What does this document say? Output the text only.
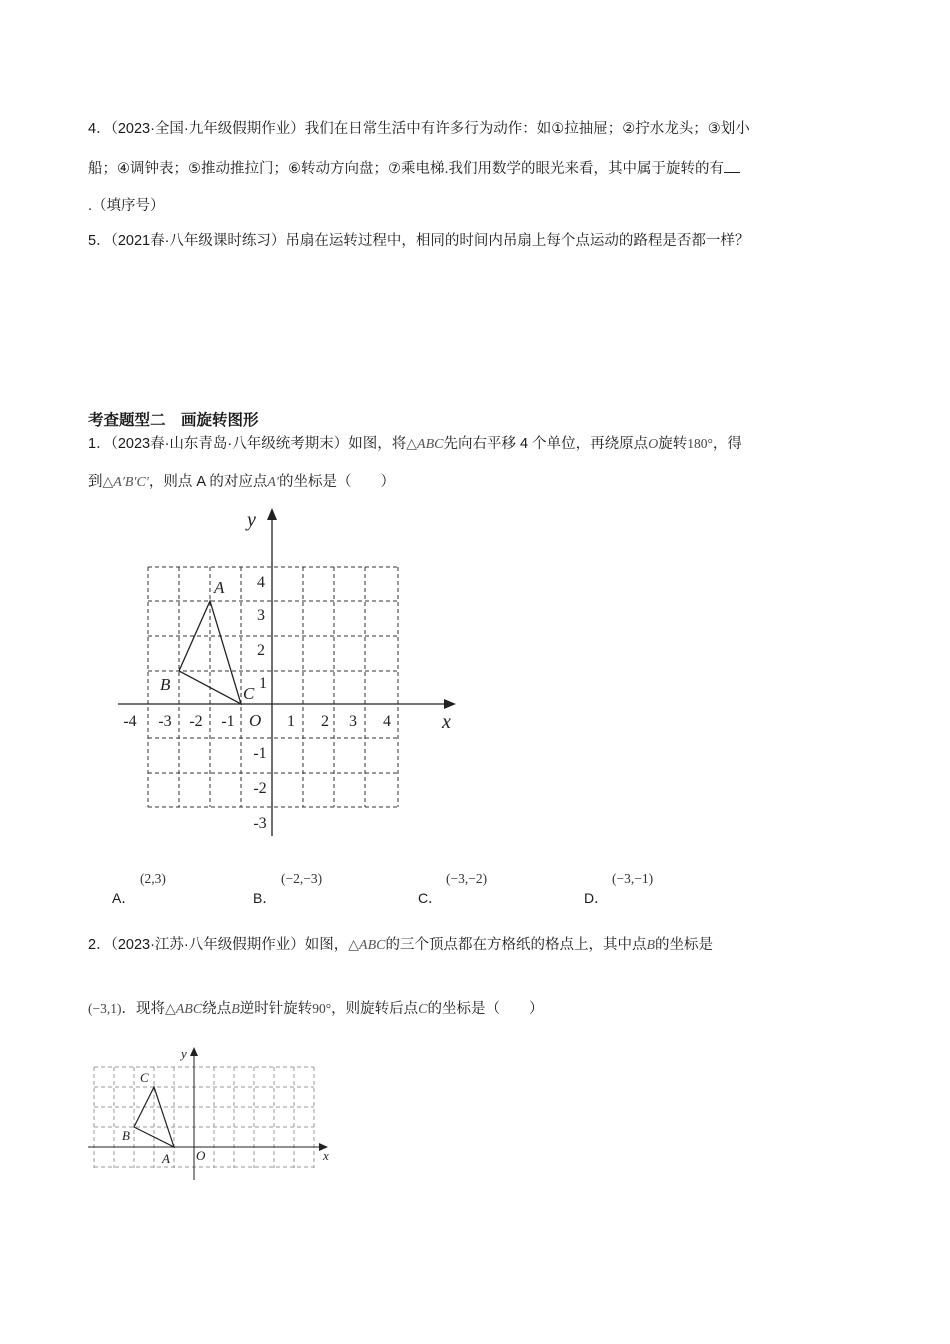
4．（2023·全国·九年级假期作业）我们在日常生活中有许多行为动作：如①拉抽屉；②拧水龙头；③划小
船；④调钟表；⑤推动推拉门；⑥转动方向盘；⑦乘电梯.我们用数学的眼光来看，其中属于旋转的有
.（填序号）
5．（2021春·八年级课时练习）吊扇在运转过程中，相同的时间内吊扇上每个点运动的路程是否都一样？
考查题型二　画旋转图形
1．（2023春·山东青岛·八年级统考期末）如图，将△ABC先向右平移 4 个单位，再绕原点O旋转180°，得
到△A′B′C′，则点 A 的对应点A′的坐标是（　　）
A
B	C
O	x
y
-4 -3 -2 -1	1 2 3 4
4
3
2
1
-1
-2
-3
A．
(2,3)
B．
(−2,−3)
C．
(−3,−2)
D．
(−3,−1)
2．（2023·江苏·八年级假期作业）如图，△ABC的三个顶点都在方格纸的格点上，其中点B的坐标是
(−3,1)．现将△ABC绕点B逆时针旋转90°，则旋转后点C的坐标是（　　）
C
B
A O	x
y
